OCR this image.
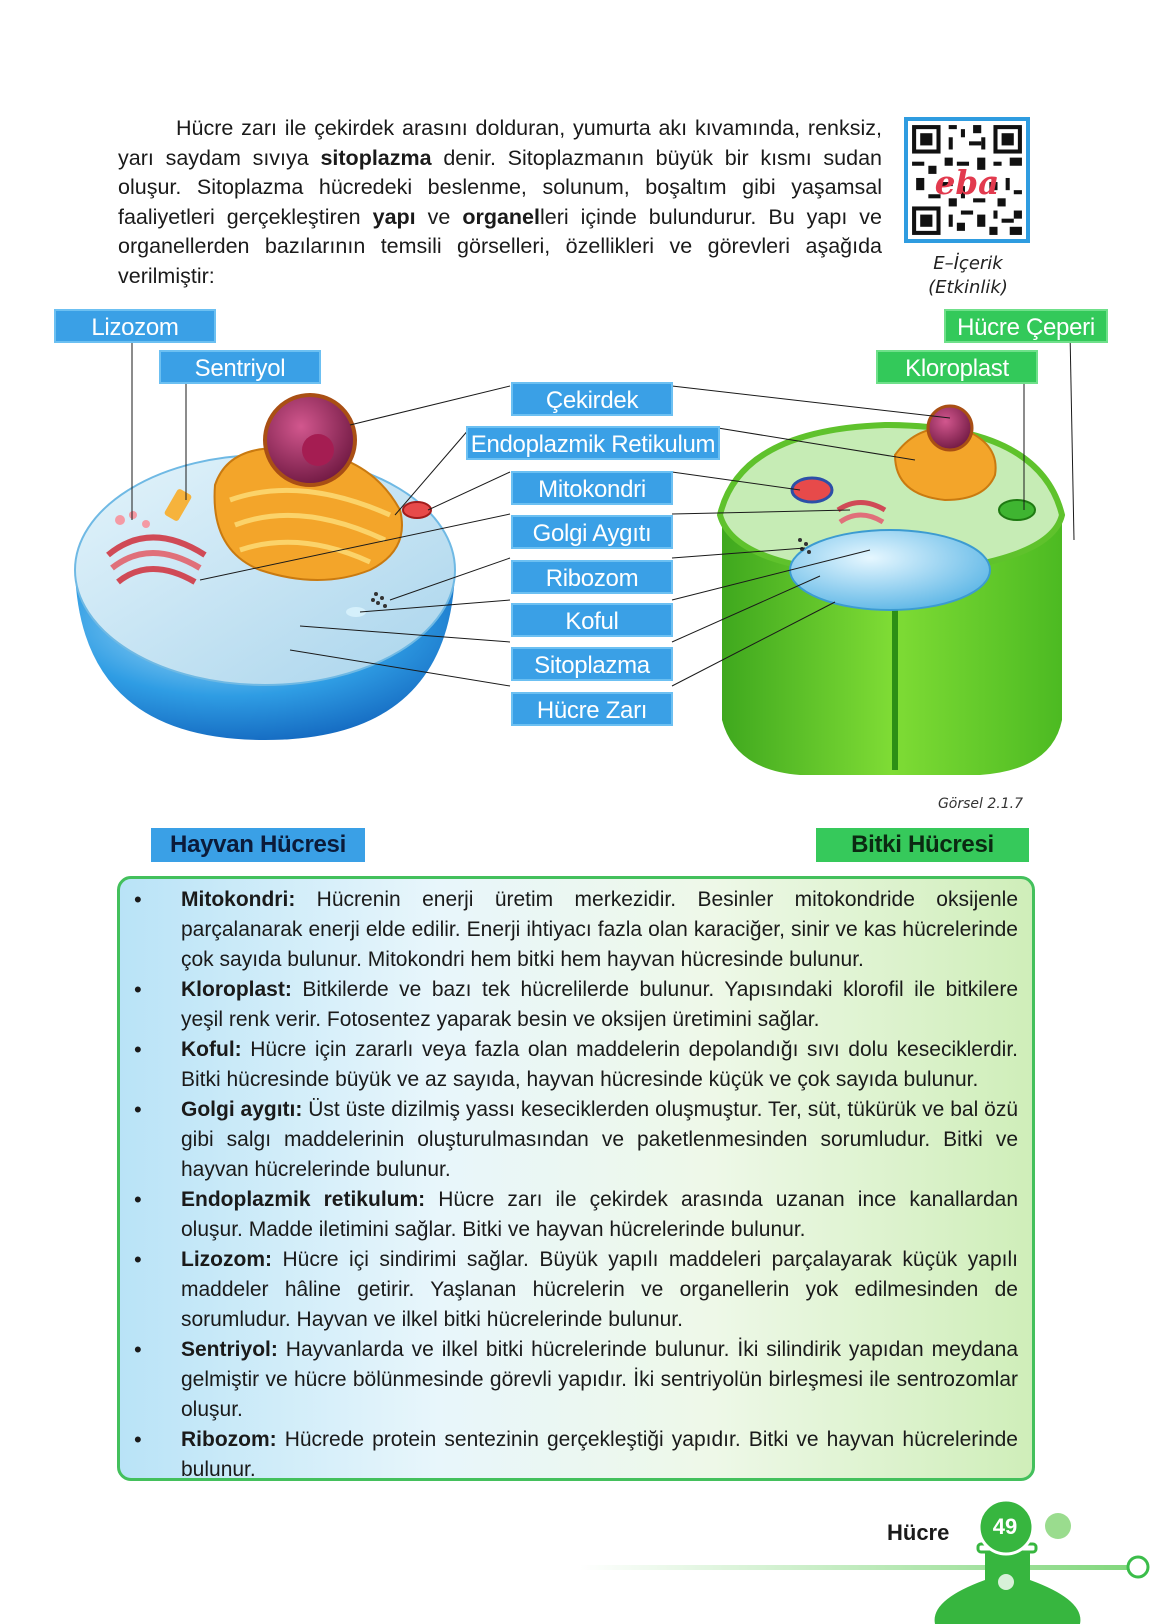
Hücre zarı ile çekirdek arasını dolduran, yumurta akı kıvamında, renksiz, yarı saydam sıvıya sitoplazma denir. Sitoplazmanın büyük bir kısmı sudan oluşur. Sitoplazma hücredeki beslenme, solunum, boşaltım gibi yaşamsal faaliyetleri gerçekleştiren yapı ve organelleri içinde bulundurur. Bu yapı ve organellerden bazılarının temsili görselleri, özellikleri ve görevleri aşağıda verilmiştir:

eba
E–İçerik
(Etkinlik)
Lizozom
Sentriyol
Çekirdek
Endoplazmik Retikulum
Mitokondri
Golgi Aygıtı
Ribozom
Koful
Sitoplazma
Hücre Zarı
Hücre Çeperi
Kloroplast
Görsel 2.1.7
Hayvan Hücresi	Bitki Hücresi
• Mitokondri: Hücrenin enerji üretim merkezidir. Besinler mitokondride oksijenle parçalanarak enerji elde edilir. Enerji ihtiyacı fazla olan karaciğer, sinir ve kas hücrelerinde çok sayıda bulunur. Mitokondri hem bitki hem hayvan hücresinde bulunur.
• Kloroplast: Bitkilerde ve bazı tek hücrelilerde bulunur. Yapısındaki klorofil ile bitkilere yeşil renk verir. Fotosentez yaparak besin ve oksijen üretimini sağlar.
• Koful: Hücre için zararlı veya fazla olan maddelerin depolandığı sıvı dolu keseciklerdir. Bitki hücresinde büyük ve az sayıda, hayvan hücresinde küçük ve çok sayıda bulunur.
• Golgi aygıtı: Üst üste dizilmiş yassı keseciklerden oluşmuştur. Ter, süt, tükürük ve bal özü gibi salgı maddelerinin oluşturulmasından ve paketlenmesinden sorumludur. Bitki ve hayvan hücrelerinde bulunur.
• Endoplazmik retikulum: Hücre zarı ile çekirdek arasında uzanan ince kanallardan oluşur. Madde iletimini sağlar. Bitki ve hayvan hücrelerinde bulunur.
• Lizozom: Hücre içi sindirimi sağlar. Büyük yapılı maddeleri parçalayarak küçük yapılı maddeler hâline getirir. Yaşlanan hücrelerin ve organellerin yok edilmesinden de sorumludur. Hayvan ve ilkel bitki hücrelerinde bulunur.
• Sentriyol: Hayvanlarda ve ilkel bitki hücrelerinde bulunur. İki silindirik yapıdan meydana gelmiştir ve hücre bölünmesinde görevli yapıdır. İki sentriyolün birleşmesi ile sentrozomlar oluşur.
• Ribozom: Hücrede protein sentezinin gerçekleştiği yapıdır. Bitki ve hayvan hücrelerinde bulunur.
Hücre	49
